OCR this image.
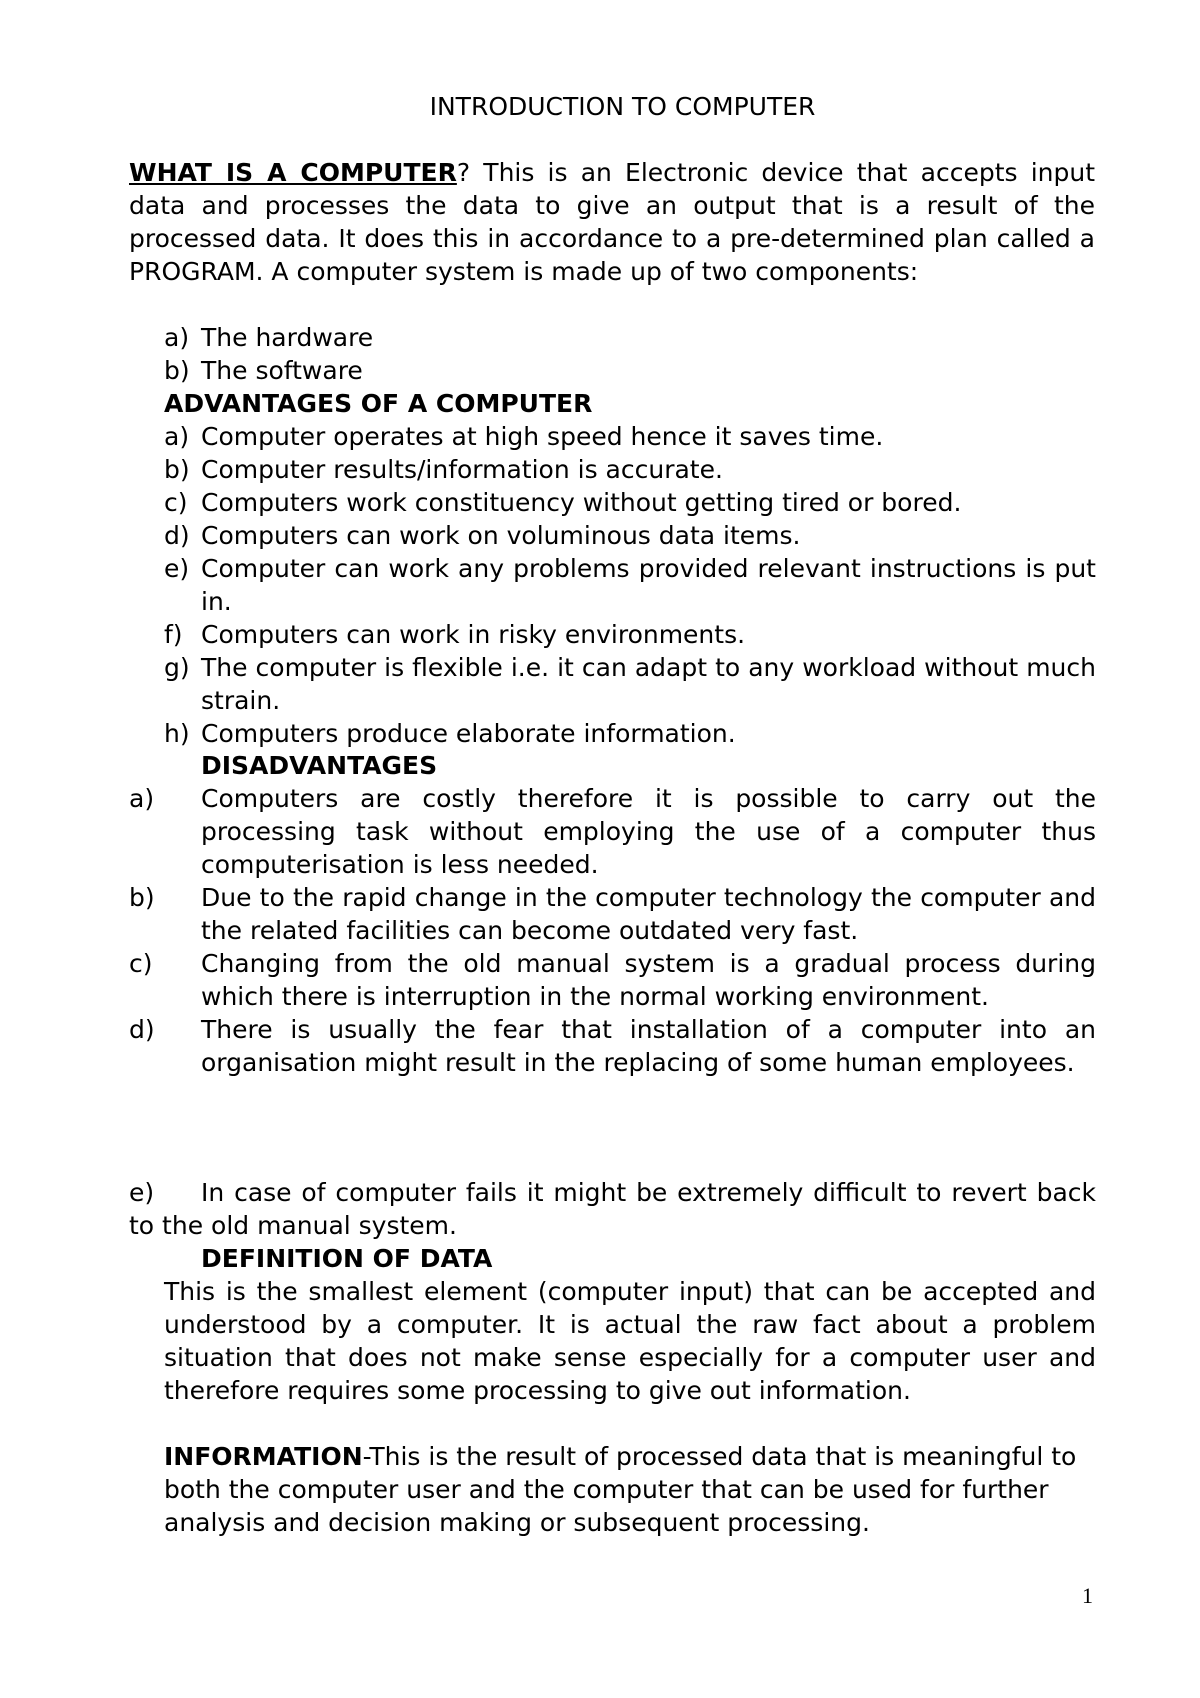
INTRODUCTION TO COMPUTER
WHAT IS A COMPUTER? This is an Electronic device that accepts input data and processes the data to give an output that is a result of the processed data. It does this in accordance to a pre-determined plan called a PROGRAM. A computer system is made up of two components:
a) The hardware
b) The software
ADVANTAGES OF A COMPUTER
a) Computer operates at high speed hence it saves time.
b) Computer results/information is accurate.
c) Computers work constituency without getting tired or bored.
d) Computers can work on voluminous data items.
e) Computer can work any problems provided relevant instructions is put in.
f) Computers can work in risky environments.
g) The computer is flexible i.e. it can adapt to any workload without much strain.
h) Computers produce elaborate information.
DISADVANTAGES
a)	Computers are costly therefore it is possible to carry out the processing task without employing the use of a computer thus computerisation is less needed.
b)	Due to the rapid change in the computer technology the computer and the related facilities can become outdated very fast.
c)	Changing from the old manual system is a gradual process during which there is interruption in the normal working environment.
d)	There is usually the fear that installation of a computer into an organisation might result in the replacing of some human employees.
e) In case of computer fails it might be extremely difficult to revert back to the old manual system.
DEFINITION OF DATA
This is the smallest element (computer input) that can be accepted and understood by a computer. It is actual the raw fact about a problem situation that does not make sense especially for a computer user and therefore requires some processing to give out information.
INFORMATION-This is the result of processed data that is meaningful to both the computer user and the computer that can be used for further analysis and decision making or subsequent processing.
1
